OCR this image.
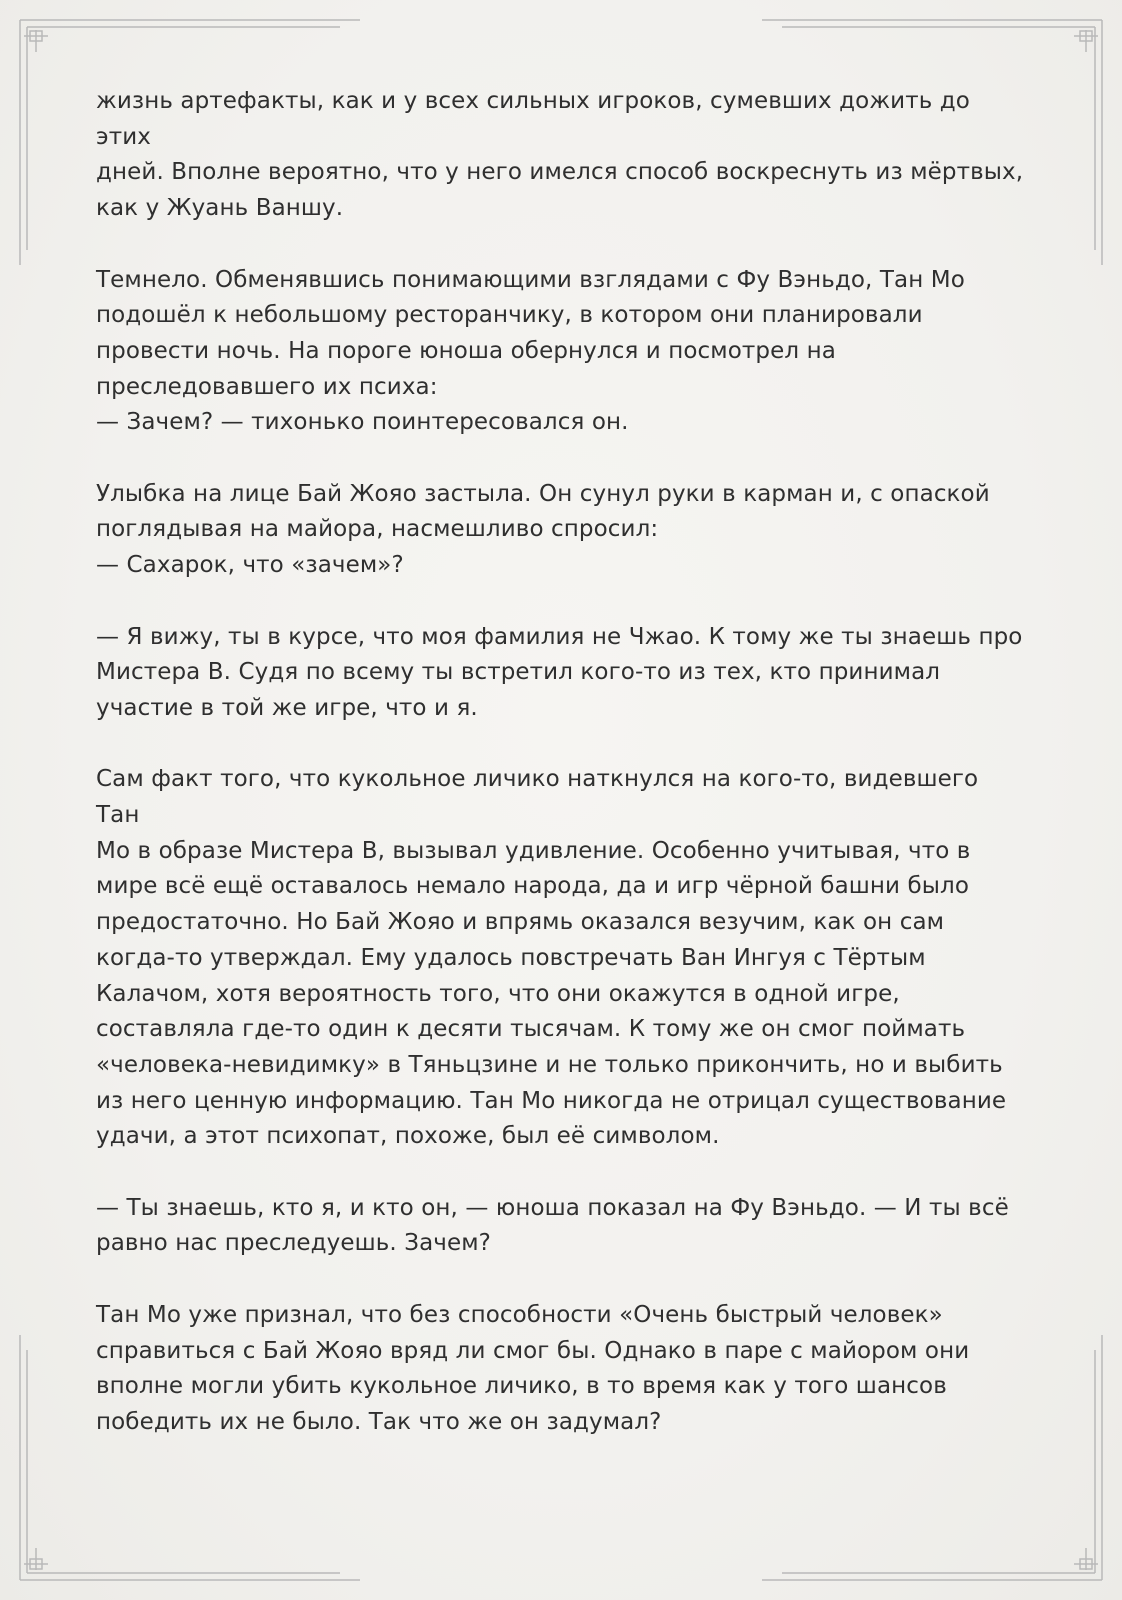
жизнь артефакты, как и у всех сильных игроков, сумевших дожить до этих
дней. Вполне вероятно, что у него имелся способ воскреснуть из мёртвых,
как у Жуань Ваншу.

Темнело. Обменявшись понимающими взглядами с Фу Вэньдо, Тан Мо
подошёл к небольшому ресторанчику, в котором они планировали
провести ночь. На пороге юноша обернулся и посмотрел на
преследовавшего их психа:
— Зачем? — тихонько поинтересовался он.

Улыбка на лице Бай Жояо застыла. Он сунул руки в карман и, с опаской
поглядывая на майора, насмешливо спросил:
— Сахарок, что «зачем»?

— Я вижу, ты в курсе, что моя фамилия не Чжао. К тому же ты знаешь про
Мистера В. Судя по всему ты встретил кого-то из тех, кто принимал
участие в той же игре, что и я.

Сам факт того, что кукольное личико наткнулся на кого-то, видевшего Тан
Мо в образе Мистера В, вызывал удивление. Особенно учитывая, что в
мире всё ещё оставалось немало народа, да и игр чёрной башни было
предостаточно. Но Бай Жояо и впрямь оказался везучим, как он сам
когда-то утверждал. Ему удалось повстречать Ван Ингуя с Тёртым
Калачом, хотя вероятность того, что они окажутся в одной игре,
составляла где-то один к десяти тысячам. К тому же он смог поймать
«человека-невидимку» в Тяньцзине и не только прикончить, но и выбить
из него ценную информацию. Тан Мо никогда не отрицал существование
удачи, а этот психопат, похоже, был её символом.

— Ты знаешь, кто я, и кто он, — юноша показал на Фу Вэньдо. — И ты всё
равно нас преследуешь. Зачем?

Тан Мо уже признал, что без способности «Очень быстрый человек»
справиться с Бай Жояо вряд ли смог бы. Однако в паре с майором они
вполне могли убить кукольное личико, в то время как у того шансов
победить их не было. Так что же он задумал?
